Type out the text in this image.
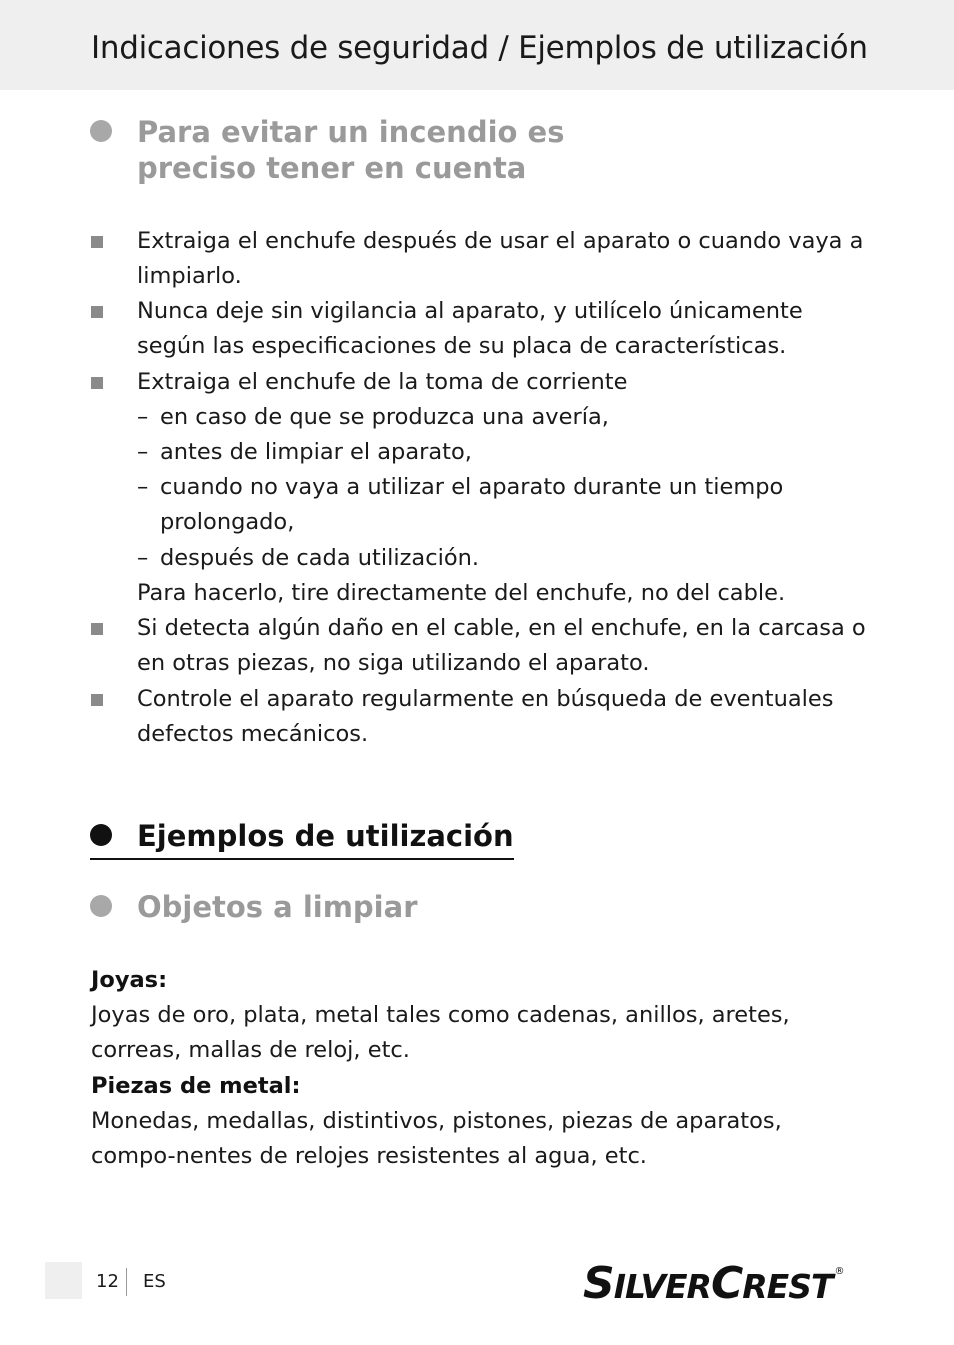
Indicaciones de seguridad / Ejemplos de utilización
Para evitar un incendio es
preciso tener en cuenta

Extraiga el enchufe después de usar el aparato o cuando vaya a limpiarlo.

Nunca deje sin vigilancia al aparato, y utilícelo únicamente según las especificaciones de su placa de características.

Extraiga el enchufe de la toma de corriente

– en caso de que se produzca una avería,

– antes de limpiar el aparato,

– cuando no vaya a utilizar el aparato durante un tiempo prolongado,

– después de cada utilización.

Para hacerlo, tire directamente del enchufe, no del cable.

Si detecta algún daño en el cable, en el enchufe, en la carcasa o en otras piezas, no siga utilizando el aparato.

Controle el aparato regularmente en búsqueda de eventuales defectos mecánicos.

Ejemplos de utilización
Objetos a limpiar

Joyas:

Joyas de oro, plata, metal tales como cadenas, anillos, aretes, correas, mallas de reloj, etc.

Piezas de metal:

Monedas, medallas, distintivos, pistones, piezas de aparatos, compo-nentes de relojes resistentes al agua, etc.

12 ES	SILVERCREST ®
